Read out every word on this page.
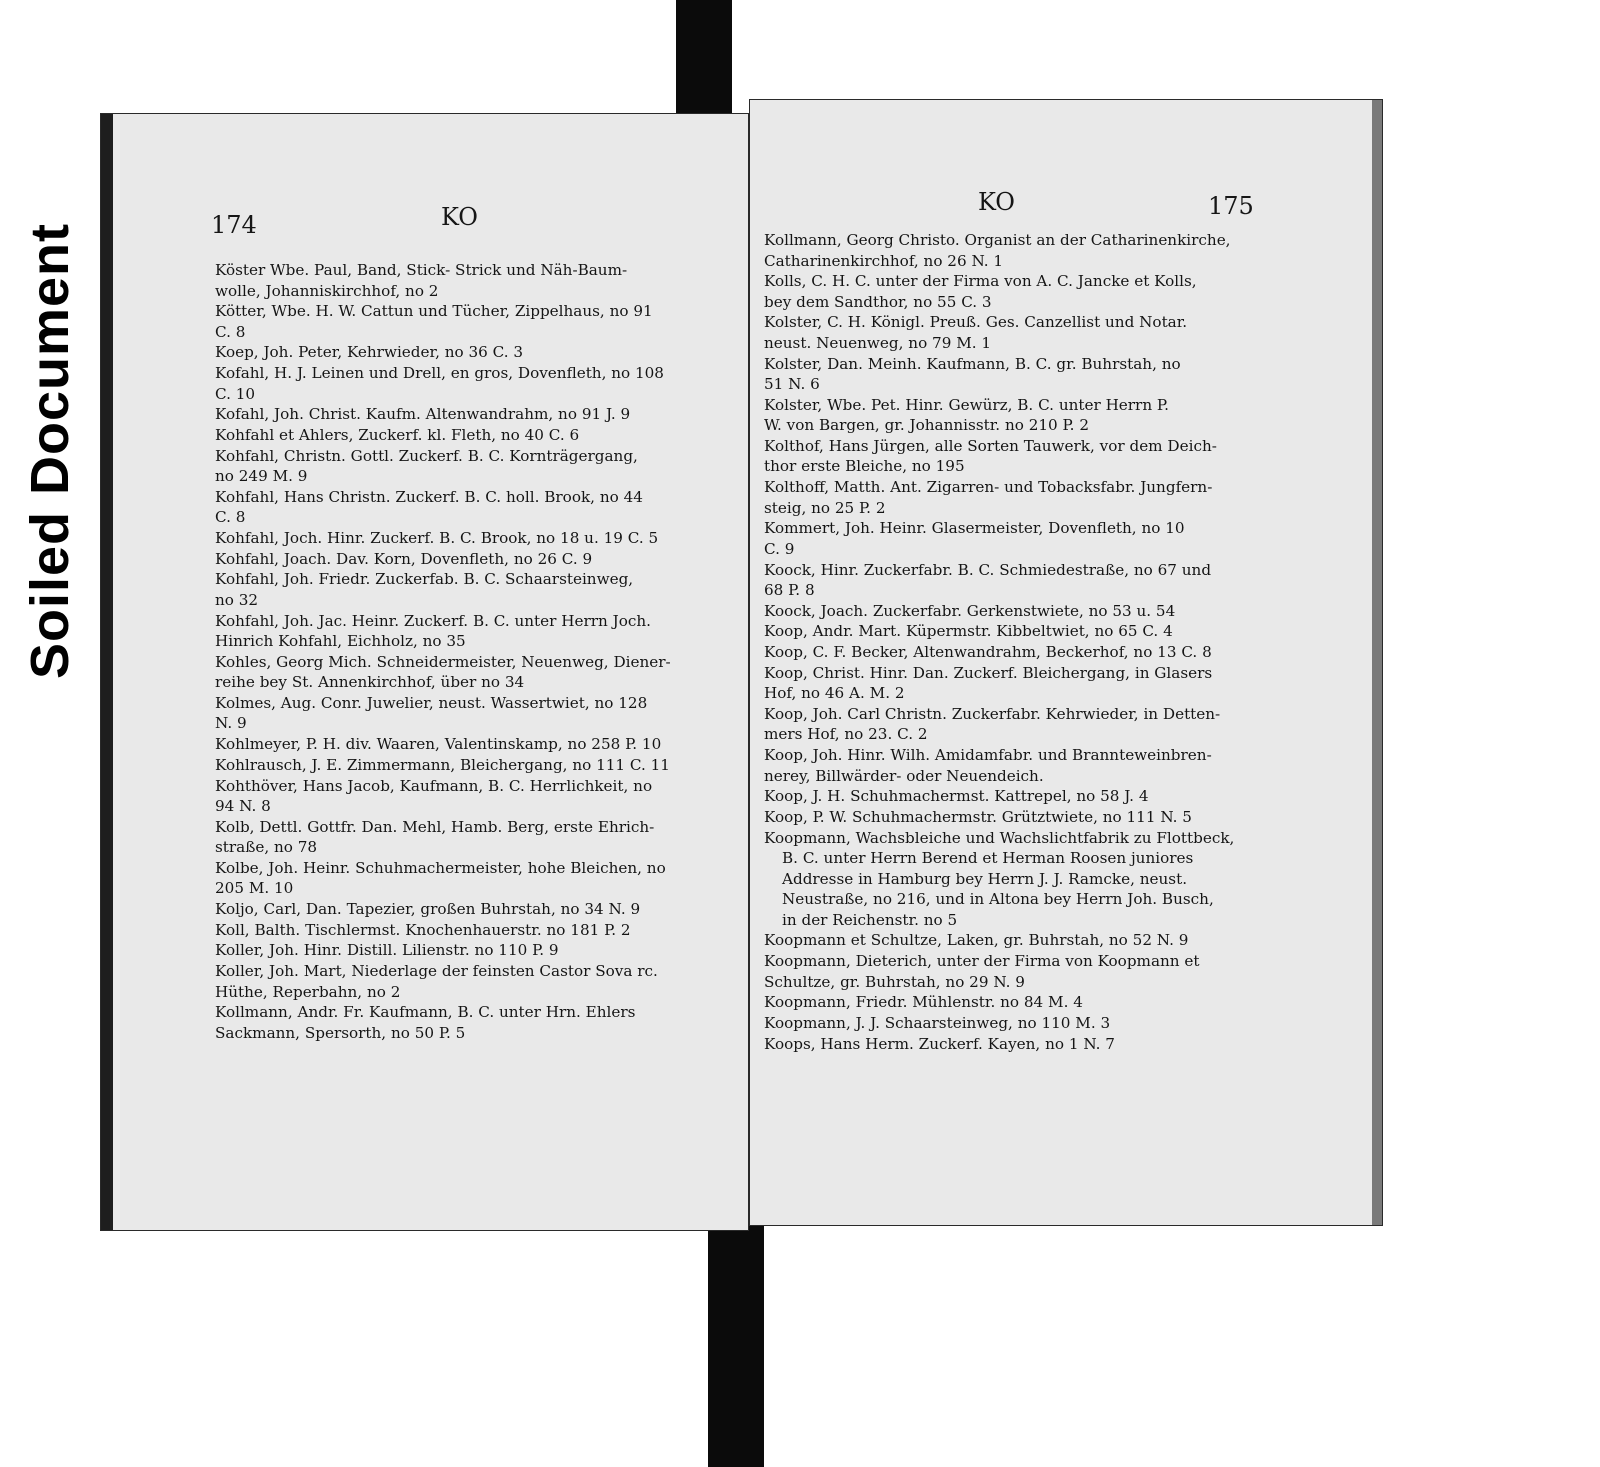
Soiled Document	174	KO
Köster Wbe. Paul, Band, Stick- Strick und Näh-Baum-
wolle, Johanniskirchhof, no 2
Kötter, Wbe. H. W. Cattun und Tücher, Zippelhaus, no 91
C. 8
Koep, Joh. Peter, Kehrwieder, no 36 C. 3
Kofahl, H. J. Leinen und Drell, en gros, Dovenfleth, no 108
C. 10
Kofahl, Joh. Christ. Kaufm. Altenwandrahm, no 91 J. 9
Kohfahl et Ahlers, Zuckerf. kl. Fleth, no 40 C. 6
Kohfahl, Christn. Gottl. Zuckerf. B. C. Kornträgergang,
no 249 M. 9
Kohfahl, Hans Christn. Zuckerf. B. C. holl. Brook, no 44
C. 8
Kohfahl, Joch. Hinr. Zuckerf. B. C. Brook, no 18 u. 19 C. 5
Kohfahl, Joach. Dav. Korn, Dovenfleth, no 26 C. 9
Kohfahl, Joh. Friedr. Zuckerfab. B. C. Schaarsteinweg,
no 32
Kohfahl, Joh. Jac. Heinr. Zuckerf. B. C. unter Herrn Joch.
Hinrich Kohfahl, Eichholz, no 35
Kohles, Georg Mich. Schneidermeister, Neuenweg, Diener-
reihe bey St. Annenkirchhof, über no 34
Kolmes, Aug. Conr. Juwelier, neust. Wassertwiet, no 128
N. 9
Kohlmeyer, P. H. div. Waaren, Valentinskamp, no 258 P. 10
Kohlrausch, J. E. Zimmermann, Bleichergang, no 111 C. 11
Kohthöver, Hans Jacob, Kaufmann, B. C. Herrlichkeit, no
94 N. 8
Kolb, Dettl. Gottfr. Dan. Mehl, Hamb. Berg, erste Ehrich-
straße, no 78
Kolbe, Joh. Heinr. Schuhmachermeister, hohe Bleichen, no
205 M. 10
Koljo, Carl, Dan. Tapezier, großen Buhrstah, no 34 N. 9
Koll, Balth. Tischlermst. Knochenhauerstr. no 181 P. 2
Koller, Joh. Hinr. Distill. Lilienstr. no 110 P. 9
Koller, Joh. Mart, Niederlage der feinsten Castor Sova rc.
Hüthe, Reperbahn, no 2
Kollmann, Andr. Fr. Kaufmann, B. C. unter Hrn. Ehlers
Sackmann, Spersorth, no 50 P. 5
KO	175
Kollmann, Georg Christo. Organist an der Catharinenkirche,
Catharinenkirchhof, no 26 N. 1
Kolls, C. H. C. unter der Firma von A. C. Jancke et Kolls,
bey dem Sandthor, no 55 C. 3
Kolster, C. H. Königl. Preuß. Ges. Canzellist und Notar.
neust. Neuenweg, no 79 M. 1
Kolster, Dan. Meinh. Kaufmann, B. C. gr. Buhrstah, no
51 N. 6
Kolster, Wbe. Pet. Hinr. Gewürz, B. C. unter Herrn P.
W. von Bargen, gr. Johannisstr. no 210 P. 2
Kolthof, Hans Jürgen, alle Sorten Tauwerk, vor dem Deich-
thor erste Bleiche, no 195
Kolthoff, Matth. Ant. Zigarren- und Tobacksfabr. Jungfern-
steig, no 25 P. 2
Kommert, Joh. Heinr. Glasermeister, Dovenfleth, no 10
C. 9
Koock, Hinr. Zuckerfabr. B. C. Schmiedestraße, no 67 und
68 P. 8
Koock, Joach. Zuckerfabr. Gerkenstwiete, no 53 u. 54
Koop, Andr. Mart. Küpermstr. Kibbeltwiet, no 65 C. 4
Koop, C. F. Becker, Altenwandrahm, Beckerhof, no 13 C. 8
Koop, Christ. Hinr. Dan. Zuckerf. Bleichergang, in Glasers
Hof, no 46 A. M. 2
Koop, Joh. Carl Christn. Zuckerfabr. Kehrwieder, in Detten-
mers Hof, no 23. C. 2
Koop, Joh. Hinr. Wilh. Amidamfabr. und Brannteweinbren-
nerey, Billwärder- oder Neuendeich.
Koop, J. H. Schuhmachermst. Kattrepel, no 58 J. 4
Koop, P. W. Schuhmachermstr. Grütztwiete, no 111 N. 5
Koopmann, Wachsbleiche und Wachslichtfabrik zu Flottbeck,
B. C. unter Herrn Berend et Herman Roosen juniores
Addresse in Hamburg bey Herrn J. J. Ramcke, neust.
Neustraße, no 216, und in Altona bey Herrn Joh. Busch,
in der Reichenstr. no 5
Koopmann et Schultze, Laken, gr. Buhrstah, no 52 N. 9
Koopmann, Dieterich, unter der Firma von Koopmann et
Schultze, gr. Buhrstah, no 29 N. 9
Koopmann, Friedr. Mühlenstr. no 84 M. 4
Koopmann, J. J. Schaarsteinweg, no 110 M. 3
Koops, Hans Herm. Zuckerf. Kayen, no 1 N. 7
